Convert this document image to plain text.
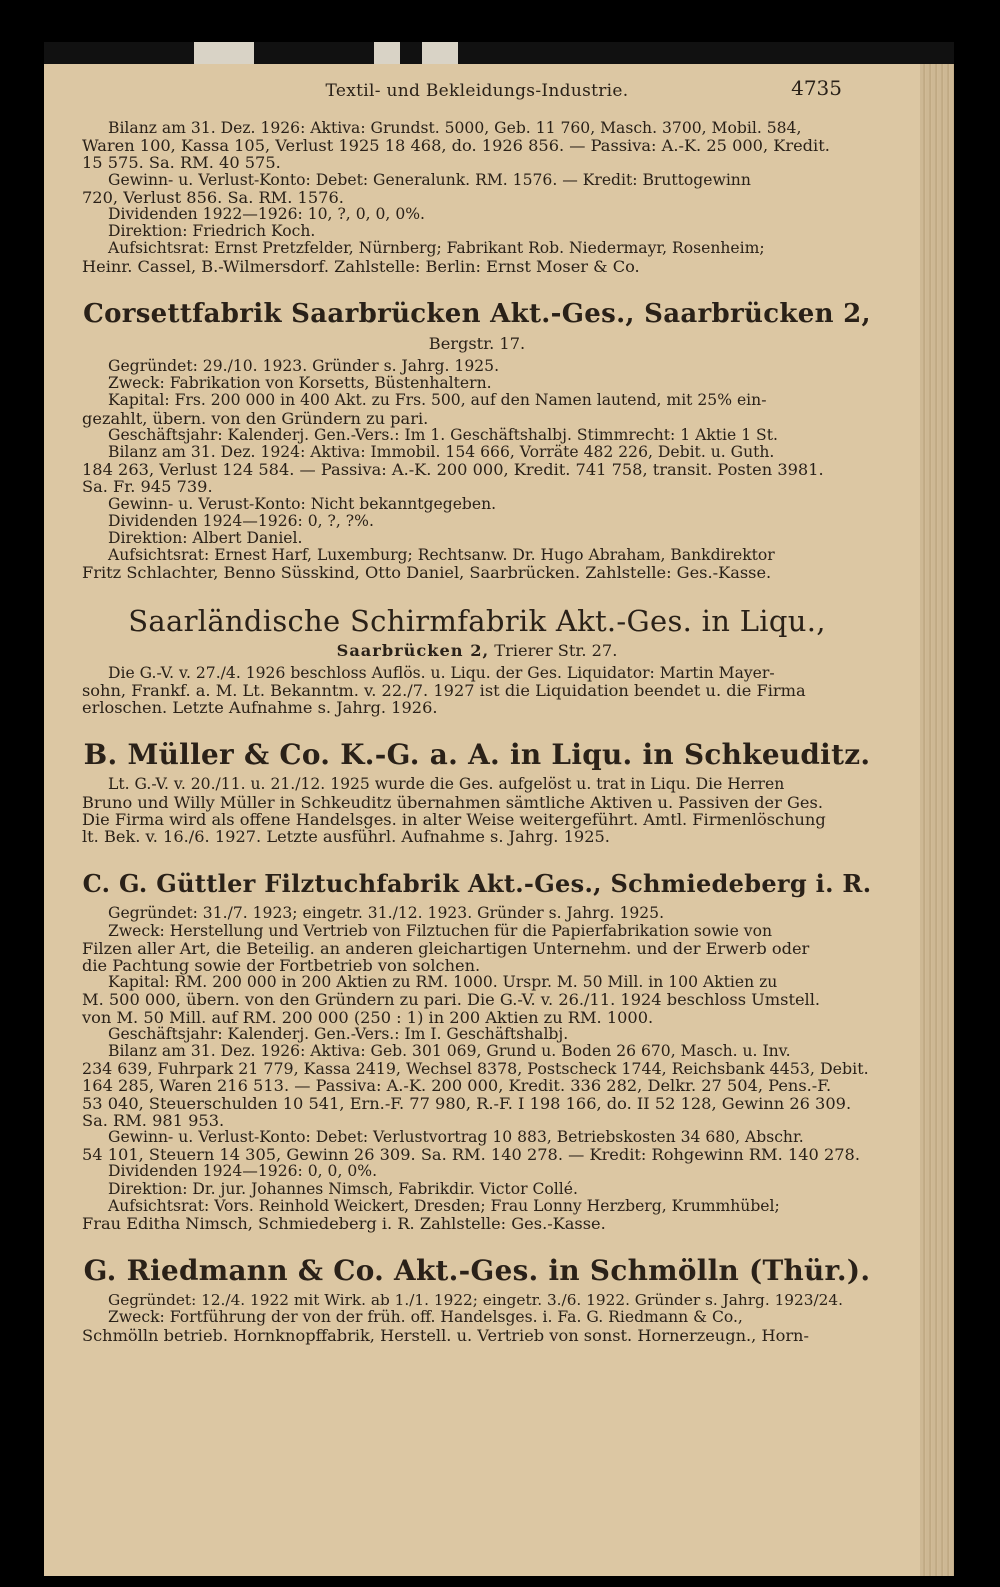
Textil- und Bekleidungs-Industrie.	4735
Bilanz am 31. Dez. 1926: Aktiva: Grundst. 5000, Geb. 11 760, Masch. 3700, Mobil. 584,
Waren 100, Kassa 105, Verlust 1925 18 468, do. 1926 856. — Passiva: A.-K. 25 000, Kredit.
15 575. Sa. RM. 40 575.
Gewinn- u. Verlust-Konto: Debet: Generalunk. RM. 1576. — Kredit: Bruttogewinn
720, Verlust 856. Sa. RM. 1576.
Dividenden 1922—1926: 10, ?, 0, 0, 0%.
Direktion: Friedrich Koch.
Aufsichtsrat: Ernst Pretzfelder, Nürnberg; Fabrikant Rob. Niedermayr, Rosenheim;
Heinr. Cassel, B.-Wilmersdorf. Zahlstelle: Berlin: Ernst Moser & Co.
Corsettfabrik Saarbrücken Akt.-Ges., Saarbrücken 2,
Bergstr. 17.
Gegründet: 29./10. 1923. Gründer s. Jahrg. 1925.
Zweck: Fabrikation von Korsetts, Büstenhaltern.
Kapital: Frs. 200 000 in 400 Akt. zu Frs. 500, auf den Namen lautend, mit 25% ein-
gezahlt, übern. von den Gründern zu pari.
Geschäftsjahr: Kalenderj. Gen.-Vers.: Im 1. Geschäftshalbj. Stimmrecht: 1 Aktie 1 St.
Bilanz am 31. Dez. 1924: Aktiva: Immobil. 154 666, Vorräte 482 226, Debit. u. Guth.
184 263, Verlust 124 584. — Passiva: A.-K. 200 000, Kredit. 741 758, transit. Posten 3981.
Sa. Fr. 945 739.
Gewinn- u. Verust-Konto: Nicht bekanntgegeben.
Dividenden 1924—1926: 0, ?, ?%.
Direktion: Albert Daniel.
Aufsichtsrat: Ernest Harf, Luxemburg; Rechtsanw. Dr. Hugo Abraham, Bankdirektor
Fritz Schlachter, Benno Süsskind, Otto Daniel, Saarbrücken. Zahlstelle: Ges.-Kasse.
Saarländische Schirmfabrik Akt.-Ges. in Liqu.,
Saarbrücken 2, Trierer Str. 27.
Die G.-V. v. 27./4. 1926 beschloss Auflös. u. Liqu. der Ges. Liquidator: Martin Mayer-
sohn, Frankf. a. M. Lt. Bekanntm. v. 22./7. 1927 ist die Liquidation beendet u. die Firma
erloschen. Letzte Aufnahme s. Jahrg. 1926.
B. Müller & Co. K.-G. a. A. in Liqu. in Schkeuditz.
Lt. G.-V. v. 20./11. u. 21./12. 1925 wurde die Ges. aufgelöst u. trat in Liqu. Die Herren
Bruno und Willy Müller in Schkeuditz übernahmen sämtliche Aktiven u. Passiven der Ges.
Die Firma wird als offene Handelsges. in alter Weise weitergeführt. Amtl. Firmenlöschung
lt. Bek. v. 16./6. 1927. Letzte ausführl. Aufnahme s. Jahrg. 1925.
C. G. Güttler Filztuchfabrik Akt.-Ges., Schmiedeberg i. R.
Gegründet: 31./7. 1923; eingetr. 31./12. 1923. Gründer s. Jahrg. 1925.
Zweck: Herstellung und Vertrieb von Filztuchen für die Papierfabrikation sowie von
Filzen aller Art, die Beteilig. an anderen gleichartigen Unternehm. und der Erwerb oder
die Pachtung sowie der Fortbetrieb von solchen.
Kapital: RM. 200 000 in 200 Aktien zu RM. 1000. Urspr. M. 50 Mill. in 100 Aktien zu
M. 500 000, übern. von den Gründern zu pari. Die G.-V. v. 26./11. 1924 beschloss Umstell.
von M. 50 Mill. auf RM. 200 000 (250 : 1) in 200 Aktien zu RM. 1000.
Geschäftsjahr: Kalenderj. Gen.-Vers.: Im I. Geschäftshalbj.
Bilanz am 31. Dez. 1926: Aktiva: Geb. 301 069, Grund u. Boden 26 670, Masch. u. Inv.
234 639, Fuhrpark 21 779, Kassa 2419, Wechsel 8378, Postscheck 1744, Reichsbank 4453, Debit.
164 285, Waren 216 513. — Passiva: A.-K. 200 000, Kredit. 336 282, Delkr. 27 504, Pens.-F.
53 040, Steuerschulden 10 541, Ern.-F. 77 980, R.-F. I 198 166, do. II 52 128, Gewinn 26 309.
Sa. RM. 981 953.
Gewinn- u. Verlust-Konto: Debet: Verlustvortrag 10 883, Betriebskosten 34 680, Abschr.
54 101, Steuern 14 305, Gewinn 26 309. Sa. RM. 140 278. — Kredit: Rohgewinn RM. 140 278.
Dividenden 1924—1926: 0, 0, 0%.
Direktion: Dr. jur. Johannes Nimsch, Fabrikdir. Victor Collé.
Aufsichtsrat: Vors. Reinhold Weickert, Dresden; Frau Lonny Herzberg, Krummhübel;
Frau Editha Nimsch, Schmiedeberg i. R. Zahlstelle: Ges.-Kasse.
G. Riedmann & Co. Akt.-Ges. in Schmölln (Thür.).
Gegründet: 12./4. 1922 mit Wirk. ab 1./1. 1922; eingetr. 3./6. 1922. Gründer s. Jahrg. 1923/24.
Zweck: Fortführung der von der früh. off. Handelsges. i. Fa. G. Riedmann & Co.,
Schmölln betrieb. Hornknopffabrik, Herstell. u. Vertrieb von sonst. Hornerzeugn., Horn-
